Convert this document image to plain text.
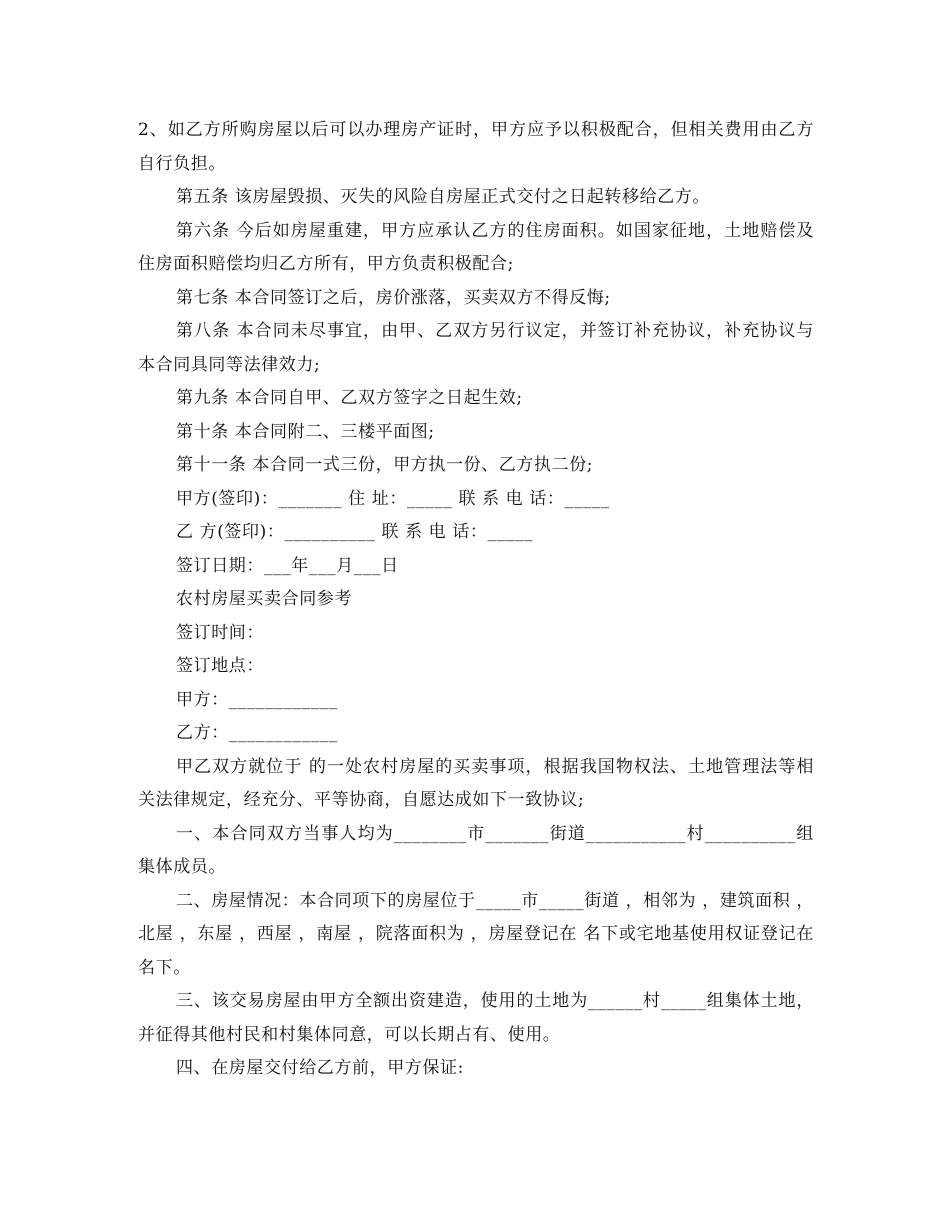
2、如乙方所购房屋以后可以办理房产证时，甲方应予以积极配合，但相关费用由乙方自行负担。

第五条 该房屋毁损、灭失的风险自房屋正式交付之日起转移给乙方。

第六条 今后如房屋重建，甲方应承认乙方的住房面积。如国家征地，土地赔偿及住房面积赔偿均归乙方所有，甲方负责积极配合;

第七条 本合同签订之后，房价涨落，买卖双方不得反悔;

第八条 本合同未尽事宜，由甲、乙双方另行议定，并签订补充协议，补充协议与本合同具同等法律效力;

第九条 本合同自甲、乙双方签字之日起生效;

第十条 本合同附二、三楼平面图;

第十一条 本合同一式三份，甲方执一份、乙方执二份;

甲方(签印)：_______ 住 址：_____ 联 系 电 话：_____

乙 方(签印)：__________ 联 系 电 话：_____

签订日期：___年___月___日

农村房屋买卖合同参考

签订时间：

签订地点：

甲方：____________

乙方：____________

甲乙双方就位于 的一处农村房屋的买卖事项，根据我国物权法、土地管理法等相关法律规定，经充分、平等协商，自愿达成如下一致协议;

一、本合同双方当事人均为________市_______街道___________村__________组集体成员。

二、房屋情况：本合同项下的房屋位于_____市_____街道 ，相邻为 ，建筑面积 ，北屋 ，东屋 ，西屋 ，南屋 ，院落面积为 ，房屋登记在 名下或宅地基使用权证登记在 名下。

三、该交易房屋由甲方全额出资建造，使用的土地为______村_____组集体土地，并征得其他村民和村集体同意，可以长期占有、使用。

四、在房屋交付给乙方前，甲方保证:
